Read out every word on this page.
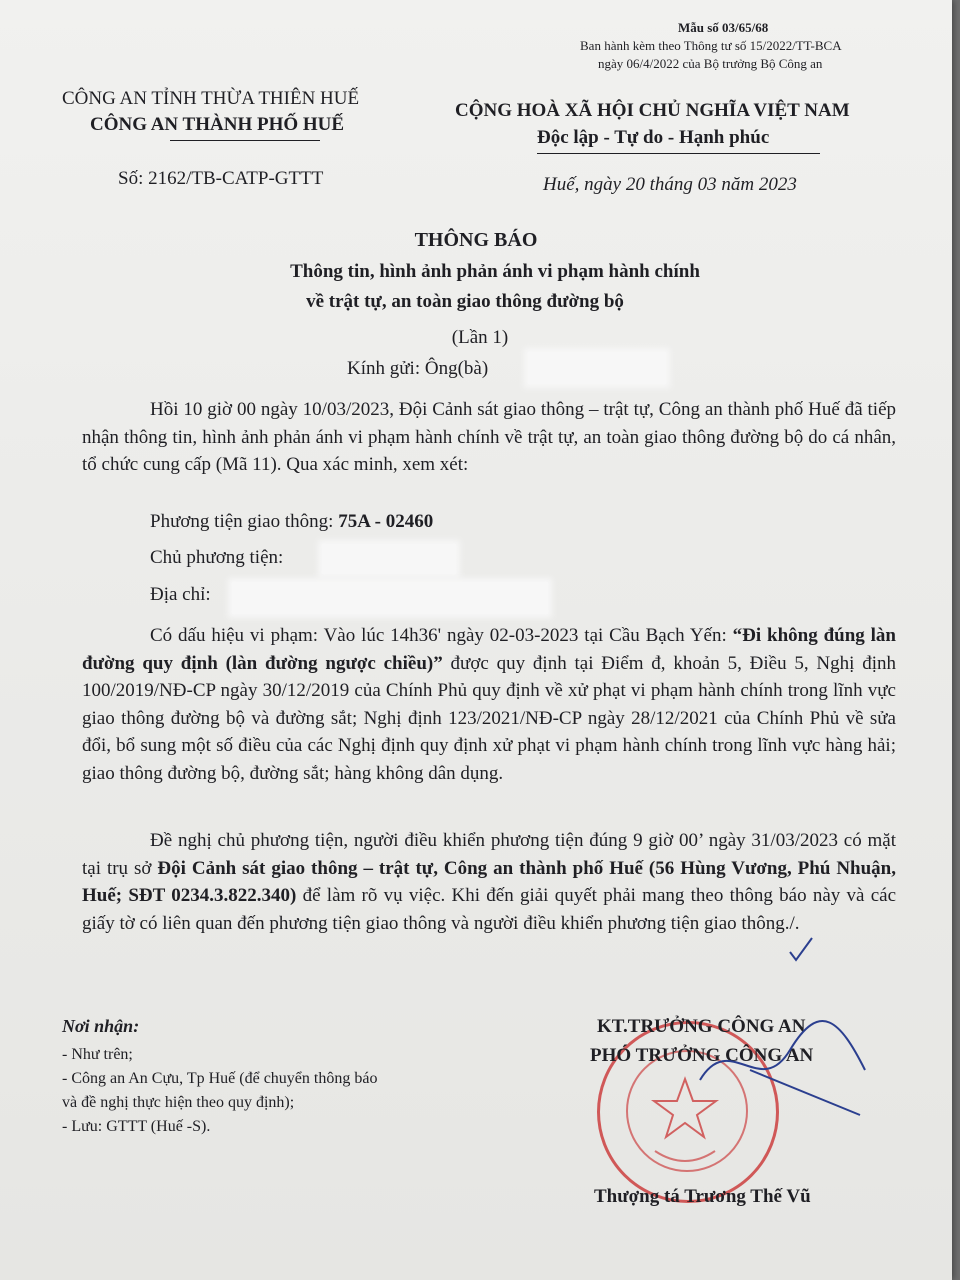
Mẫu số 03/65/68
Ban hành kèm theo Thông tư số 15/2022/TT-BCA
ngày 06/4/2022 của Bộ trưởng Bộ Công an
CÔNG AN TỈNH THỪA THIÊN HUẾ
CÔNG AN THÀNH PHỐ HUẾ
Số: 2162/TB-CATP-GTTT
CỘNG HOÀ XÃ HỘI CHỦ NGHĨA VIỆT NAM
Độc lập - Tự do - Hạnh phúc
Huế, ngày 20 tháng 03 năm 2023
THÔNG BÁO
Thông tin, hình ảnh phản ánh vi phạm hành chính
về trật tự, an toàn giao thông đường bộ
(Lần 1)
Kính gửi: Ông(bà)
Hồi 10 giờ 00 ngày 10/03/2023, Đội Cảnh sát giao thông – trật tự, Công an thành phố Huế đã tiếp nhận thông tin, hình ảnh phản ánh vi phạm hành chính về trật tự, an toàn giao thông đường bộ do cá nhân, tổ chức cung cấp (Mã 11). Qua xác minh, xem xét:
Phương tiện giao thông: 75A - 02460
Chủ phương tiện:
Địa chỉ:
Có dấu hiệu vi phạm: Vào lúc 14h36' ngày 02-03-2023 tại Cầu Bạch Yến: “Đi không đúng làn đường quy định (làn đường ngược chiều)” được quy định tại Điểm đ, khoản 5, Điều 5, Nghị định 100/2019/NĐ-CP ngày 30/12/2019 của Chính Phủ quy định về xử phạt vi phạm hành chính trong lĩnh vực giao thông đường bộ và đường sắt; Nghị định 123/2021/NĐ-CP ngày 28/12/2021 của Chính Phủ về sửa đổi, bổ sung một số điều của các Nghị định quy định xử phạt vi phạm hành chính trong lĩnh vực hàng hải; giao thông đường bộ, đường sắt; hàng không dân dụng.
Đề nghị chủ phương tiện, người điều khiển phương tiện đúng 9 giờ 00’ ngày 31/03/2023 có mặt tại trụ sở Đội Cảnh sát giao thông – trật tự, Công an thành phố Huế (56 Hùng Vương, Phú Nhuận, Huế; SĐT 0234.3.822.340) để làm rõ vụ việc. Khi đến giải quyết phải mang theo thông báo này và các giấy tờ có liên quan đến phương tiện giao thông và người điều khiển phương tiện giao thông./.
Nơi nhận:
- Như trên;
- Công an An Cựu, Tp Huế (để chuyển thông báo
và đề nghị thực hiện theo quy định);
- Lưu: GTTT (Huế -S).
KT.TRƯỞNG CÔNG AN
PHÓ TRƯỞNG CÔNG AN
Thượng tá Trương Thế Vũ
